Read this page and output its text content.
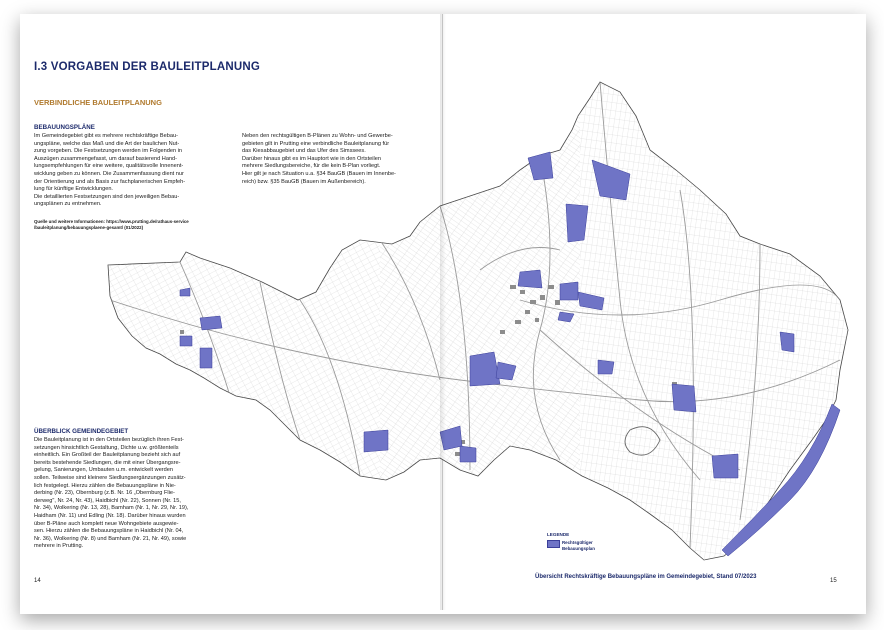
I.3 VORGABEN DER BAULEITPLANUNG
VERBINDLICHE BAULEITPLANUNG
BEBAUUNGSPLÄNE
Im Gemeindegebiet gibt es mehrere rechtskräftige Bebau-
ungspläne, welche das Maß und die Art der baulichen Nut-
zung vorgeben. Die Festsetzungen werden im Folgenden in
Auszügen zusammengefasst, um darauf basierend Hand-
lungsempfehlungen für eine weitere, qualitätsvolle Innenent-
wicklung geben zu können. Die Zusammenfassung dient nur
der Orientierung und als Basis zur fachplanerischen Empfeh-
lung für künftige Entwicklungen.
Die detaillierten Festsetzungen sind den jeweiligen Bebau-
ungsplänen zu entnehmen.
Quelle und weitere Informationen: https://www.prutting.de/rathaus-service
/bauleitplanung/bebauungsplaene-gesamt/ (01/2022)
Neben den rechtsgültigen B-Plänen zu Wohn- und Gewerbe-
gebieten gilt in Prutting eine verbindliche Bauleitplanung für
das Kiesabbaugebiet und das Ufer des Simssees.
Darüber hinaus gibt es im Hauptort wie in den Ortsteilen
mehrere Siedlungsbereiche, für die kein B-Plan vorliegt.
Hier gilt je nach Situation u.a. §34 BauGB (Bauen im Innenbe-
reich) bzw. §35 BauGB (Bauen im Außenbereich).
ÜBERBLICK GEMEINDEGEBIET
Die Bauleitplanung ist in den Ortsteilen bezüglich ihren Fest-
setzungen hinsichtlich Gestaltung, Dichte u.w. größtenteils
einheitlich. Ein Großteil der Bauleitplanung bezieht sich auf
bereits bestehende Siedlungen, die mit einer Übergangsre-
gelung, Sanierungen, Umbauten u.m. entwickelt werden
sollen. Teilweise sind kleinere Siedlungsergänzungen zusätz-
lich festgelegt. Hierzu zählen die Bebauungspläne in Nie-
derbing (Nr. 23), Obernburg (z.B. Nr. 16 „Obernburg Flie-
derweg", Nr. 24, Nr. 43), Haidbichl (Nr. 22), Sonnen (Nr. 15,
Nr. 34), Wolkering (Nr. 13, 28), Bamham (Nr. 1, Nr. 29, Nr. 19),
Haidham (Nr. 11) und Edling (Nr. 18). Darüber hinaus wurden
über B-Pläne auch komplett neue Wohngebiete ausgewie-
sen. Hierzu zählen die Bebauungspläne in Haidbichl (Nr. 04,
Nr. 36), Wolkering (Nr. 8) und Bamham (Nr. 21, Nr. 49), sowie
mehrere in Prutting.
14
LEGENDE
Rechtsgültiger
Bebauungsplan
Übersicht Rechtskräftige Bebauungspläne im Gemeindegebiet, Stand 07/2023
15
